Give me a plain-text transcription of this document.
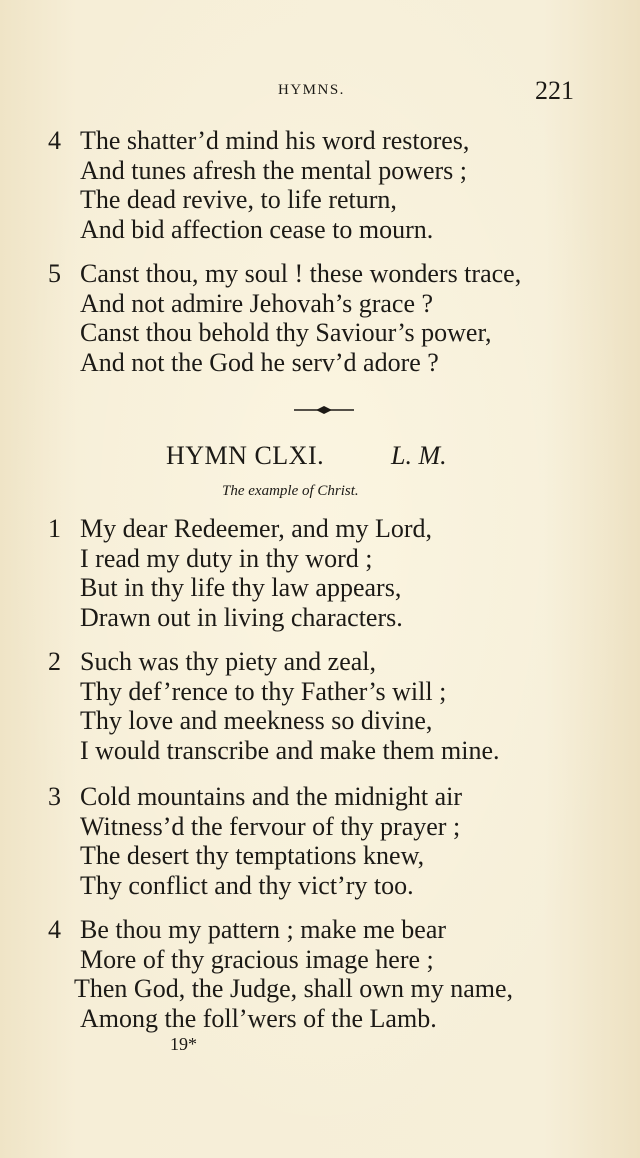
HYMNS.	221
4 The shatter’d mind his word restores,
And tunes afresh the mental powers ;
The dead revive, to life return,
And bid affection cease to mourn.
5 Canst thou, my soul ! these wonders trace,
And not admire Jehovah’s grace ?
Canst thou behold thy Saviour’s power,
And not the God he serv’d adore ?
HYMN CLXI.	L. M.
The example of Christ.
1 My dear Redeemer, and my Lord,
I read my duty in thy word ;
But in thy life thy law appears,
Drawn out in living characters.
2 Such was thy piety and zeal,
Thy def’rence to thy Father’s will ;
Thy love and meekness so divine,
I would transcribe and make them mine.
3 Cold mountains and the midnight air
Witness’d the fervour of thy prayer ;
The desert thy temptations knew,
Thy conflict and thy vict’ry too.
4 Be thou my pattern ; make me bear
More of thy gracious image here ;
Then God, the Judge, shall own my name,
Among the foll’wers of the Lamb.
19*
